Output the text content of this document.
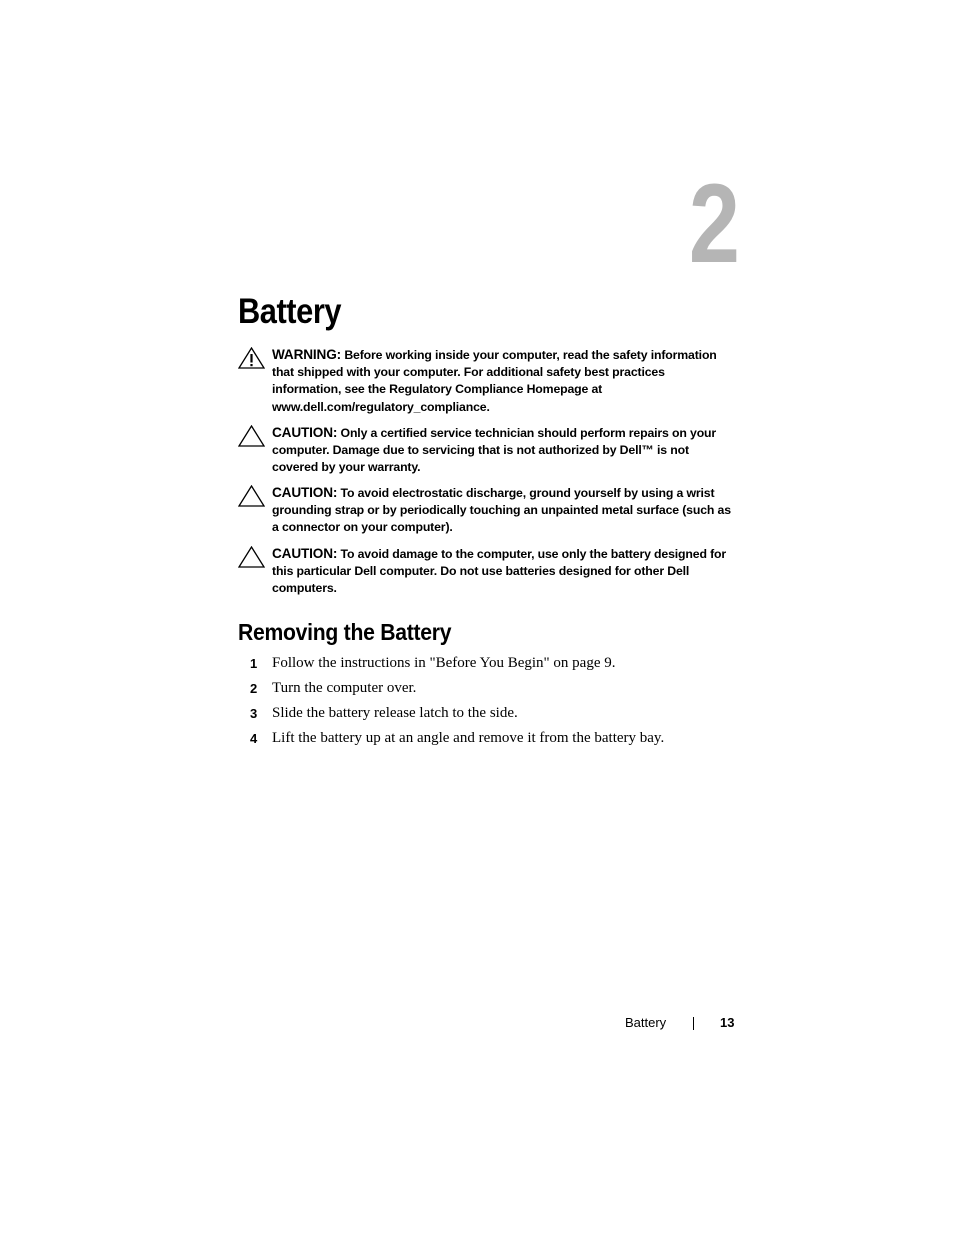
2
Battery
WARNING: Before working inside your computer, read the safety information that shipped with your computer. For additional safety best practices information, see the Regulatory Compliance Homepage at www.dell.com/regulatory_compliance.
CAUTION: Only a certified service technician should perform repairs on your computer. Damage due to servicing that is not authorized by Dell™ is not covered by your warranty.
CAUTION: To avoid electrostatic discharge, ground yourself by using a wrist grounding strap or by periodically touching an unpainted metal surface (such as a connector on your computer).
CAUTION: To avoid damage to the computer, use only the battery designed for this particular Dell computer. Do not use batteries designed for other Dell computers.
Removing the Battery
1 Follow the instructions in "Before You Begin" on page 9.
2 Turn the computer over.
3 Slide the battery release latch to the side.
4 Lift the battery up at an angle and remove it from the battery bay.
Battery	13
